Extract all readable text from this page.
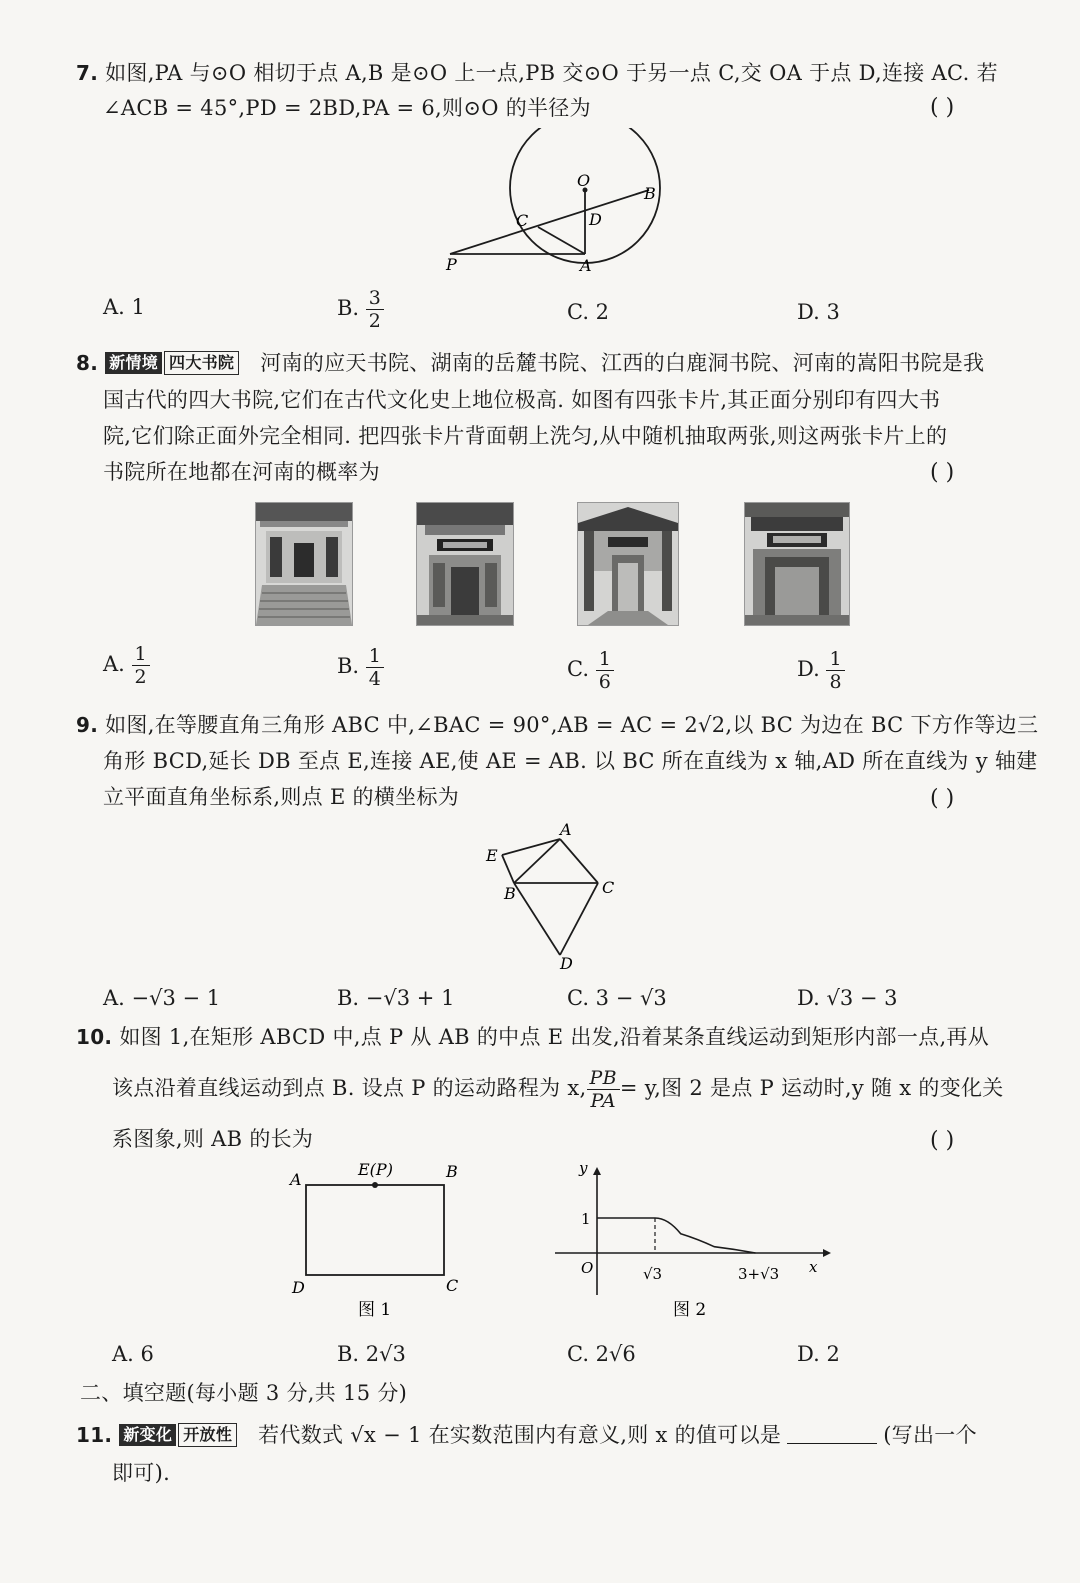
7. 如图,PA 与⊙O 相切于点 A,B 是⊙O 上一点,PB 交⊙O 于另一点 C,交 OA 于点 D,连接 AC. 若
∠ACB = 45°,PD = 2BD,PA = 6,则⊙O 的半径为	( )
O
B
C	D
P	A
A. 1	B. $\frac{3}{2}$	C. 2	D. 3
8. 新情境 四大书院 河南的应天书院、湖南的岳麓书院、江西的白鹿洞书院、河南的嵩阳书院是我
国古代的四大书院,它们在古代文化史上地位极高. 如图有四张卡片,其正面分别印有四大书
院,它们除正面外完全相同. 把四张卡片背面朝上洗匀,从中随机抽取两张,则这两张卡片上的
书院所在地都在河南的概率为	( )
A. $\frac{1}{2}$	B. $\frac{1}{4}$	C. $\frac{1}{6}$	D. $\frac{1}{8}$
9. 如图,在等腰直角三角形 ABC 中,∠BAC = 90°,AB = AC = 2√2,以 BC 为边在 BC 下方作等边三
角形 BCD,延长 DB 至点 E,连接 AE,使 AE = AB. 以 BC 所在直线为 x 轴,AD 所在直线为 y 轴建
立平面直角坐标系,则点 E 的横坐标为	( )
A
E
B	C
D
A. −√3 − 1	B. −√3 + 1	C. 3 − √3	D. √3 − 3
10. 如图 1,在矩形 ABCD 中,点 P 从 AB 的中点 E 出发,沿着某条直线运动到矩形内部一点,再从
该点沿着直线运动到点 B. 设点 P 的运动路程为 x, $\frac{PB}{PA} = y$,图 2 是点 P 运动时,y 随 x 的变化关
系图象,则 AB 的长为	( )
A
E(P)	B
D	C
图 1
y
x
1
O	√3	3+√3
图 2
A. 6	B. 2√3	C. 2√6	D. 2
二、填空题(每小题 3 分,共 15 分)
11. 新变化 开放性 若代数式 √x − 1 在实数范围内有意义,则 x 的值可以是	(写出一个
即可).
